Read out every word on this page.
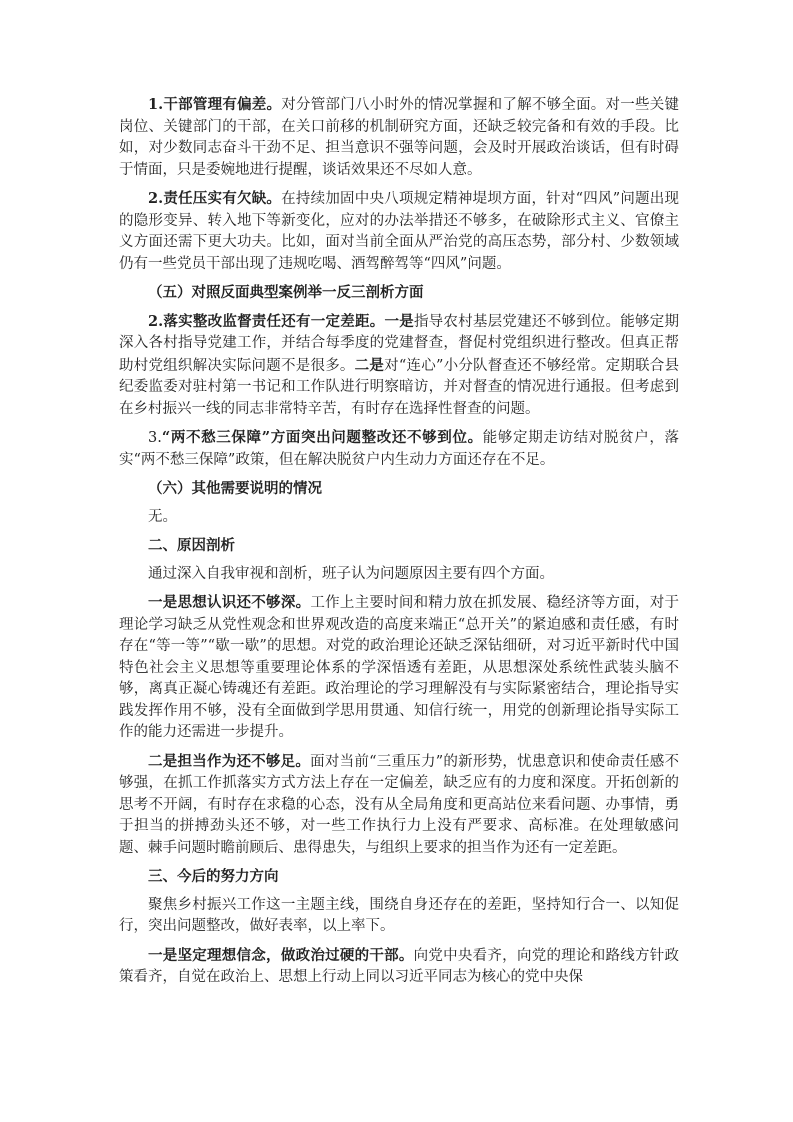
1.干部管理有偏差。对分管部门八小时外的情况掌握和了解不够全面。对一些关键岗位、关键部门的干部，在关口前移的机制研究方面，还缺乏较完备和有效的手段。比如，对少数同志奋斗干劲不足、担当意识不强等问题，会及时开展政治谈话，但有时碍于情面，只是委婉地进行提醒，谈话效果还不尽如人意。

2.责任压实有欠缺。在持续加固中央八项规定精神堤坝方面，针对“四风”问题出现的隐形变异、转入地下等新变化，应对的办法举措还不够多，在破除形式主义、官僚主义方面还需下更大功夫。比如，面对当前全面从严治党的高压态势，部分村、少数领域仍有一些党员干部出现了违规吃喝、酒驾醉驾等“四风”问题。

（五）对照反面典型案例举一反三剖析方面

2.落实整改监督责任还有一定差距。一是指导农村基层党建还不够到位。能够定期深入各村指导党建工作，并结合每季度的党建督查，督促村党组织进行整改。但真正帮助村党组织解决实际问题不是很多。二是对“连心”小分队督查还不够经常。定期联合县纪委监委对驻村第一书记和工作队进行明察暗访，并对督查的情况进行通报。但考虑到在乡村振兴一线的同志非常特辛苦，有时存在选择性督查的问题。

3.“两不愁三保障”方面突出问题整改还不够到位。能够定期走访结对脱贫户，落实“两不愁三保障”政策，但在解决脱贫户内生动力方面还存在不足。

（六）其他需要说明的情况

无。

二、原因剖析

通过深入自我审视和剖析，班子认为问题原因主要有四个方面。

一是思想认识还不够深。工作上主要时间和精力放在抓发展、稳经济等方面，对于理论学习缺乏从党性观念和世界观改造的高度来端正“总开关”的紧迫感和责任感，有时存在“等一等”“歇一歇”的思想。对党的政治理论还缺乏深钻细研，对习近平新时代中国特色社会主义思想等重要理论体系的学深悟透有差距，从思想深处系统性武装头脑不够，离真正凝心铸魂还有差距。政治理论的学习理解没有与实际紧密结合，理论指导实践发挥作用不够，没有全面做到学思用贯通、知信行统一，用党的创新理论指导实际工作的能力还需进一步提升。

二是担当作为还不够足。面对当前“三重压力”的新形势，忧患意识和使命责任感不够强，在抓工作抓落实方式方法上存在一定偏差，缺乏应有的力度和深度。开拓创新的思考不开阔，有时存在求稳的心态，没有从全局角度和更高站位来看问题、办事情，勇于担当的拼搏劲头还不够，对一些工作执行力上没有严要求、高标准。在处理敏感问题、棘手问题时瞻前顾后、患得患失，与组织上要求的担当作为还有一定差距。

三、今后的努力方向

聚焦乡村振兴工作这一主题主线，围绕自身还存在的差距，坚持知行合一、以知促行，突出问题整改，做好表率，以上率下。

一是坚定理想信念，做政治过硬的干部。向党中央看齐，向党的理论和路线方针政策看齐，自觉在政治上、思想上行动上同以习近平同志为核心的党中央保
